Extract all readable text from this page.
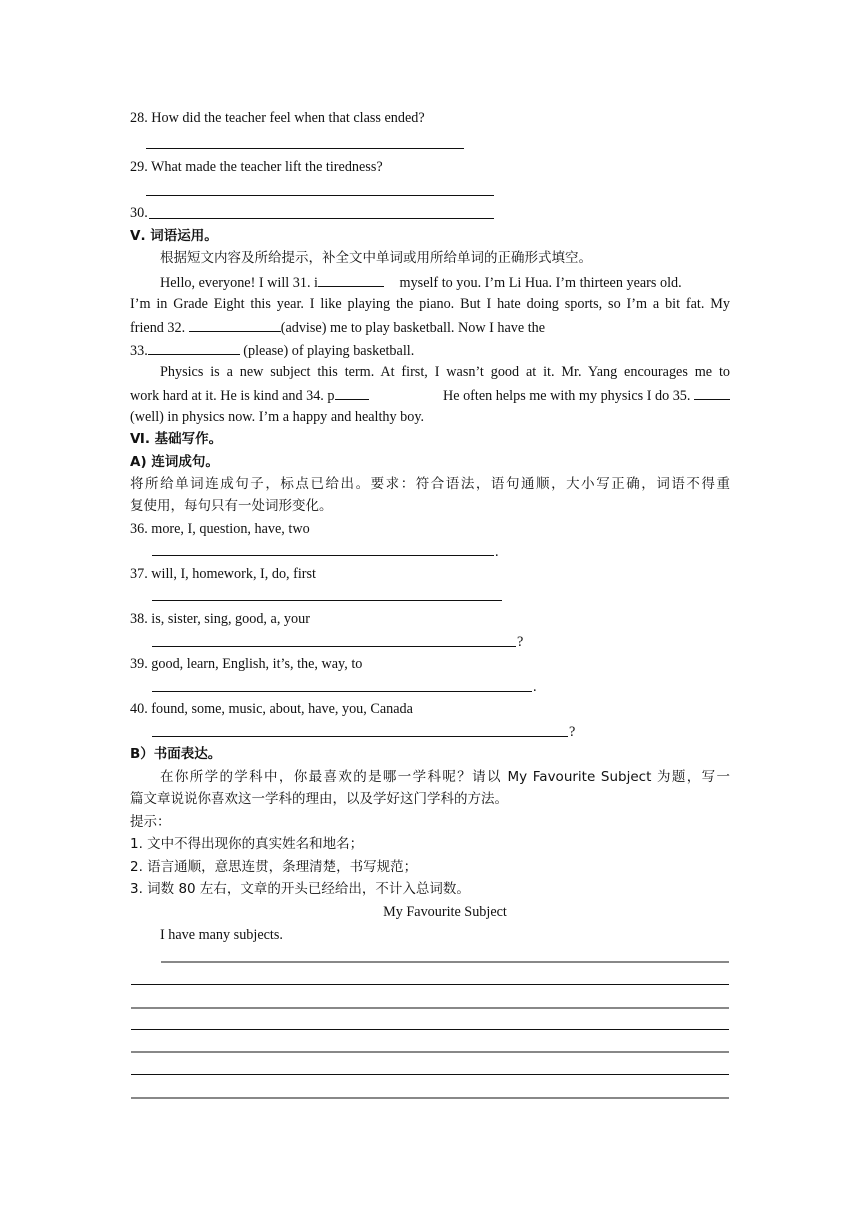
28. How did the teacher feel when that class ended?
29. What made the teacher lift the tiredness?
30.
Ⅴ. 词语运用。
根据短文内容及所给提示，补全文中单词或用所给单词的正确形式填空。
Hello, everyone! I will 31. i	myself to you. I’m Li Hua. I’m thirteen years old.
I’m in Grade Eight this year. I like playing the piano. But I hate doing sports, so I’m a bit fat. My
friend 32.	(advise) me to play basketball. Now I have the
33.	(please) of playing basketball.
Physics is a new subject this term. At first, I wasn’t good at it. Mr. Yang encourages me to
work hard at it. He is kind and 34. p	He often helps me with my physics I do 35.
(well) in physics now. I’m a happy and healthy boy.
Ⅵ. 基础写作。
A) 连词成句。
将所给单词连成句子，标点已给出。要求：符合语法，语句通顺，大小写正确，词语不得重
复使用，每句只有一处词形变化。
36. more, I, question, have, two
.
37. will, I, homework, I, do, first
38. is, sister, sing, good, a, your
?
39. good, learn, English, it’s, the, way, to
.
40. found, some, music, about, have, you, Canada
?
B）书面表达。
在你所学的学科中，你最喜欢的是哪一学科呢？请以 My Favourite Subject 为题，写一
篇文章说说你喜欢这一学科的理由，以及学好这门学科的方法。
提示：
1. 文中不得出现你的真实姓名和地名；
2. 语言通顺，意思连贯，条理清楚，书写规范；
3. 词数 80 左右，文章的开头已经给出，不计入总词数。
My Favourite Subject
I have many subjects.
